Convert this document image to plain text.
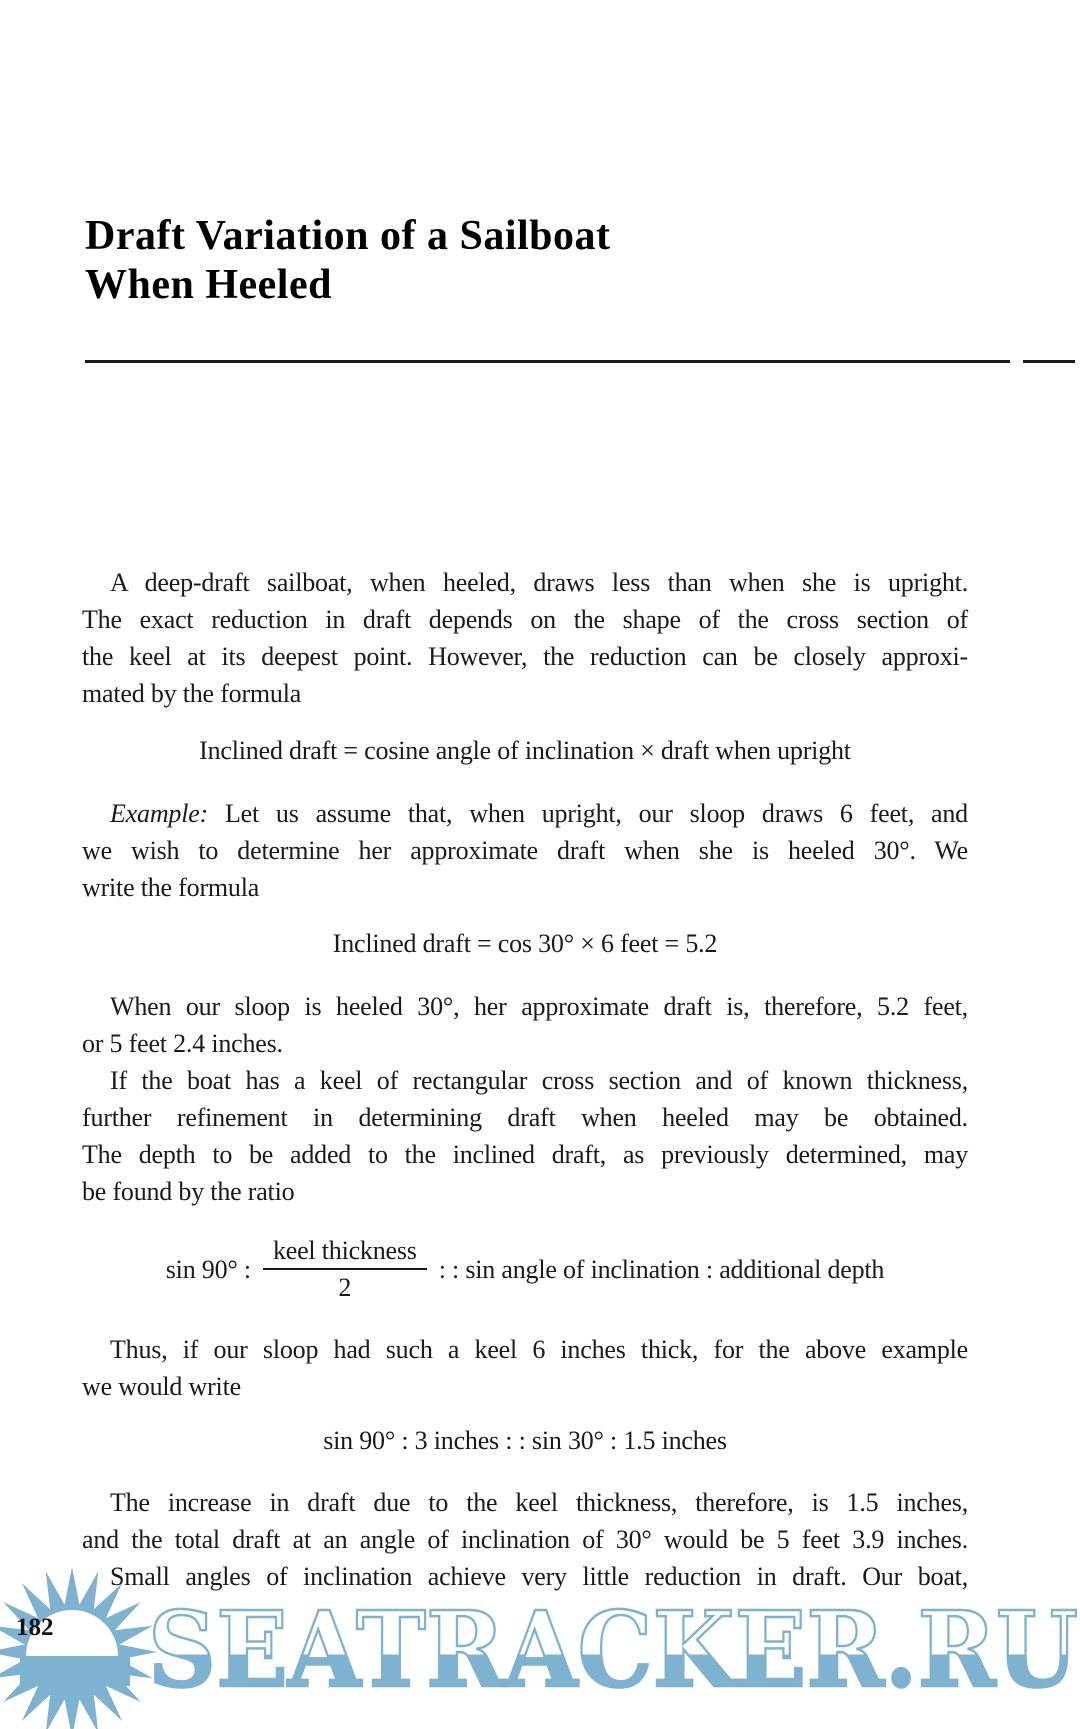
Draft Variation of a Sailboat
When Heeled
A deep-draft sailboat, when heeled, draws less than when she is upright.
The exact reduction in draft depends on the shape of the cross section of
the keel at its deepest point. However, the reduction can be closely approxi-
mated by the formula
Inclined draft = cosine angle of inclination × draft when upright
Example: Let us assume that, when upright, our sloop draws 6 feet, and
we wish to determine her approximate draft when she is heeled 30°. We
write the formula
Inclined draft = cos 30° × 6 feet = 5.2
When our sloop is heeled 30°, her approximate draft is, therefore, 5.2 feet,
or 5 feet 2.4 inches.
If the boat has a keel of rectangular cross section and of known thickness,
further refinement in determining draft when heeled may be obtained.
The depth to be added to the inclined draft, as previously determined, may
be found by the ratio
sin 90° : $\frac{\text{keel thickness}}{2}$ : : sin angle of inclination : additional depth
Thus, if our sloop had such a keel 6 inches thick, for the above example
we would write
sin 90° : 3 inches : : sin 30° : 1.5 inches
The increase in draft due to the keel thickness, therefore, is 1.5 inches,
and the total draft at an angle of inclination of 30° would be 5 feet 3.9 inches.
Small angles of inclination achieve very little reduction in draft. Our boat,
SEATRACKER.RU
182
